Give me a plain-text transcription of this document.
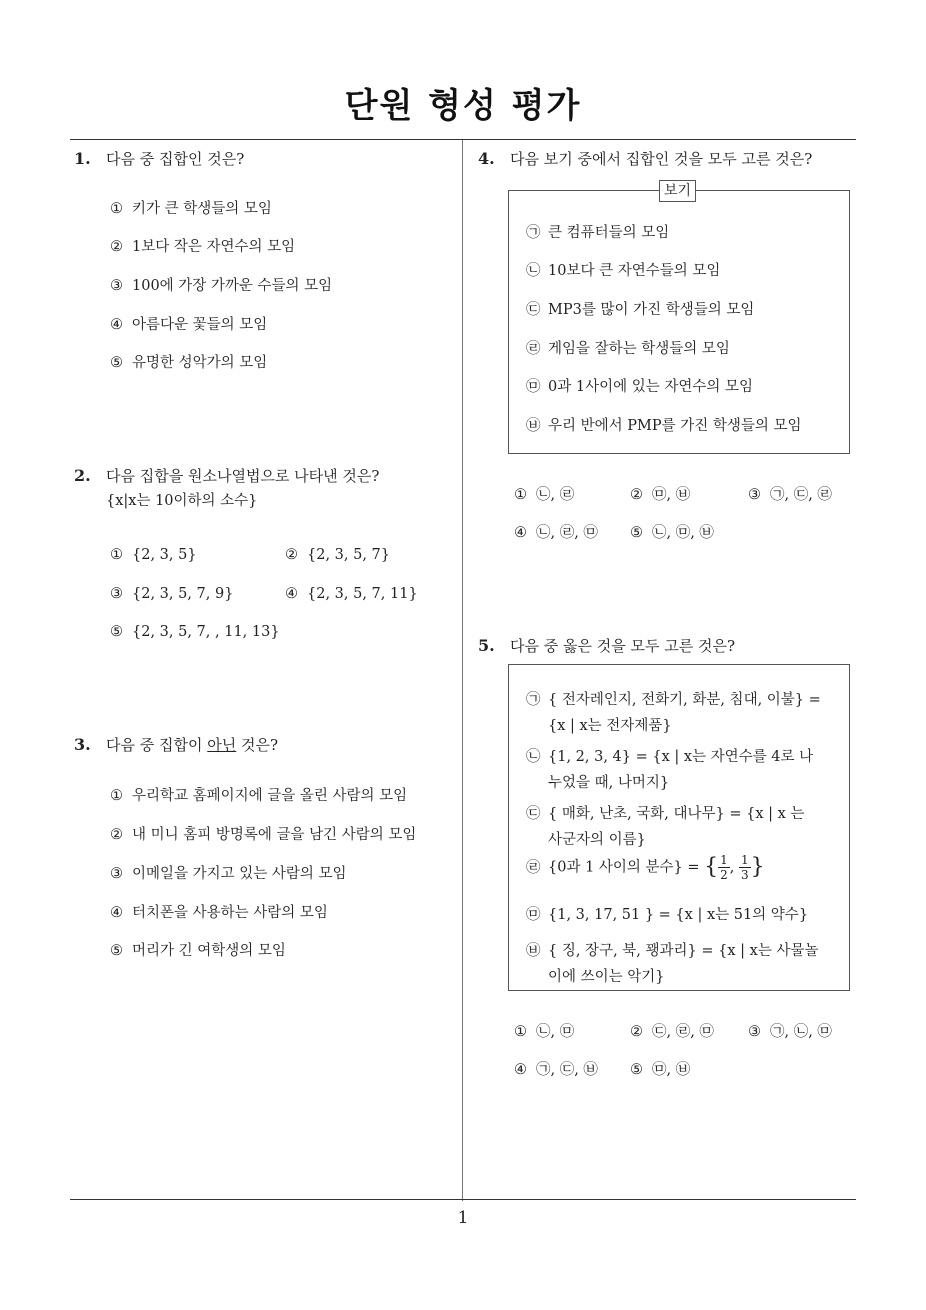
단원 형성 평가
1. 다음 중 집합인 것은?
① 키가 큰 학생들의 모임
② 1보다 작은 자연수의 모임
③ 100에 가장 가까운 수들의 모임
④ 아름다운 꽃들의 모임
⑤ 유명한 성악가의 모임
2. 다음 집합을 원소나열법으로 나타낸 것은?
{x|x는 10이하의 소수}
① {2, 3, 5}	② {2, 3, 5, 7}
③ {2, 3, 5, 7, 9}	④ {2, 3, 5, 7, 11}
⑤ {2, 3, 5, 7, , 11, 13}
3. 다음 중 집합이 아닌 것은?
① 우리학교 홈페이지에 글을 올린 사람의 모임
② 내 미니 홈피 방명록에 글을 남긴 사람의 모임
③ 이메일을 가지고 있는 사람의 모임
④ 터치폰을 사용하는 사람의 모임
⑤ 머리가 긴 여학생의 모임
4. 다음 보기 중에서 집합인 것을 모두 고른 것은?
보기
㉠ 큰 컴퓨터들의 모임
㉡ 10보다 큰 자연수들의 모임
㉢ MP3를 많이 가진 학생들의 모임
㉣ 게임을 잘하는 학생들의 모임
㉤ 0과 1사이에 있는 자연수의 모임
㉥ 우리 반에서 PMP를 가진 학생들의 모임
① ㉡, ㉣	② ㉤, ㉥	③ ㉠, ㉢, ㉣
④ ㉡, ㉣, ㉤ ⑤ ㉡, ㉤, ㉥
5. 다음 중 옳은 것을 모두 고른 것은?
㉠ { 전자레인지, 전화기, 화분, 침대, 이불} =
{x | x는 전자제품}
㉡ {1, 2, 3, 4} = {x | x는 자연수를 4로 나
누었을 때, 나머지}
㉢ { 매화, 난초, 국화, 대나무} = {x | x 는
사군자의 이름}
㉣ {0과 1 사이의 분수} = { $\frac{1}{2}$ , $\frac{1}{3}$ }
㉤ {1, 3, 17, 51 } = {x | x는 51의 약수}
㉥ { 징, 장구, 북, 꽹과리} = {x | x는 사물놀
이에 쓰이는 악기}
① ㉡, ㉤	② ㉢, ㉣, ㉤ ③ ㉠, ㉡, ㉤
④ ㉠, ㉢, ㉥ ⑤ ㉤, ㉥
1
